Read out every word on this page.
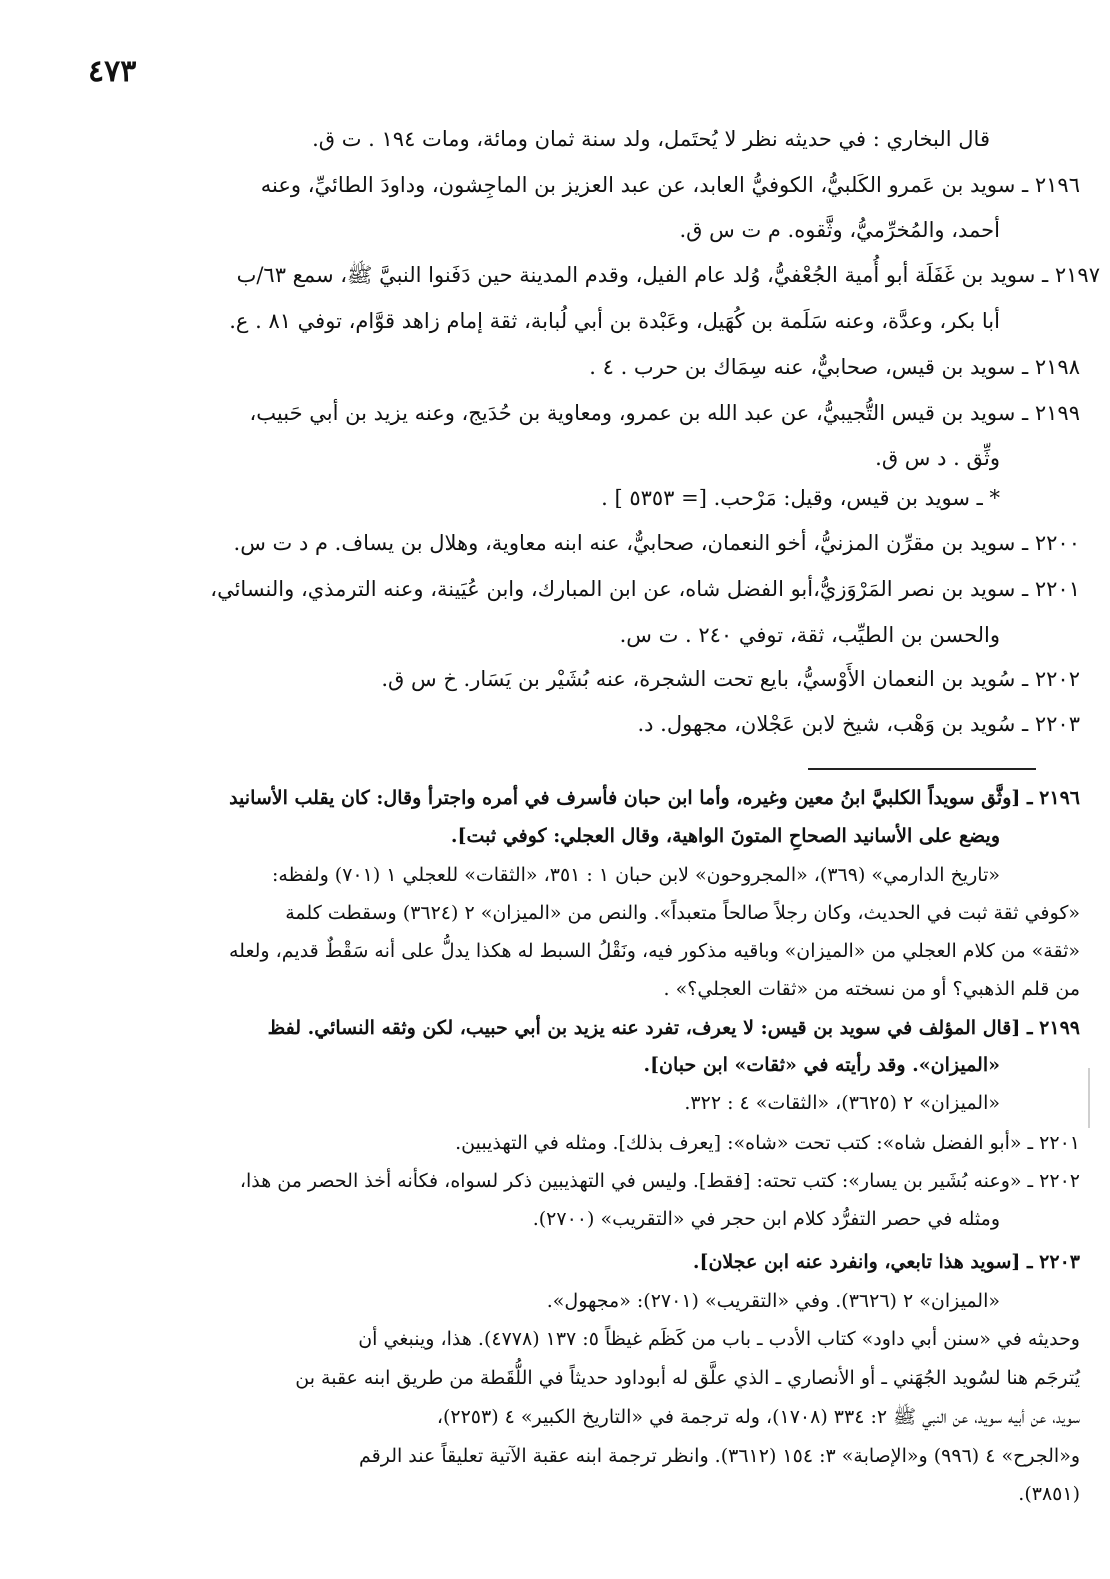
٤٧٣
قال البخاري : في حديثه نظر لا يُحتَمل، ولد سنة ثمان ومائة، ومات ١٩٤ . ت ق.
٢١٩٦ ـ سويد بن عَمرو الكَلبيُّ، الكوفيُّ العابد، عن عبد العزيز بن الماجِشون، وداودَ الطائيِّ، وعنه
أحمد، والمُخرِّميُّ، وثَّقوه. م ت س ق.
٢١٩٧ ـ سويد بن غَفَلَة أبو أُمية الجُعْفيُّ، وُلد عام الفيل، وقدم المدينة حين دَفَنوا النبيَّ ﷺ، سمع ٦٣/ب
أبا بكر، وعدَّة، وعنه سَلَمة بن كُهَيل، وعَبْدة بن أبي لُبابة، ثقة إمام زاهد قوَّام، توفي ٨١ . ع.
٢١٩٨ ـ سويد بن قيس، صحابيٌّ، عنه سِمَاك بن حرب . ٤ .
٢١٩٩ ـ سويد بن قيس التُّجيبيُّ، عن عبد الله بن عمرو، ومعاوية بن حُدَيج، وعنه يزيد بن أبي حَبيب،
وثِّق . د س ق.
* ـ سويد بن قيس، وقيل: مَرْحب. [= ٥٣٥٣ ] .
٢٢٠٠ ـ سويد بن مقرِّن المزنيُّ، أخو النعمان، صحابيٌّ، عنه ابنه معاوية، وهلال بن يساف. م د ت س.
٢٢٠١ ـ سويد بن نصر المَرْوَزيُّ،أبو الفضل شاه، عن ابن المبارك، وابن عُيَينة، وعنه الترمذي، والنسائي،
والحسن بن الطيِّب، ثقة، توفي ٢٤٠ . ت س.
٢٢٠٢ ـ سُويد بن النعمان الأَوْسيُّ، بايع تحت الشجرة، عنه بُشَيْر بن يَسَار. خ س ق.
٢٢٠٣ ـ سُويد بن وَهْب، شيخ لابن عَجْلان، مجهول. د.
٢١٩٦ ـ [وثَّق سويداً الكلبيَّ ابنُ معين وغيره، وأما ابن حبان فأسرف في أمره واجترأ وقال: كان يقلب الأسانيد
ويضع على الأسانيد الصحاحِ المتونَ الواهية، وقال العجلي: كوفي ثبت].
«تاريخ الدارمي» (٣٦٩)، «المجروحون» لابن حبان ١ : ٣٥١، «الثقات» للعجلي ١ (٧٠١) ولفظه:
«كوفي ثقة ثبت في الحديث، وكان رجلاً صالحاً متعبداً». والنص من «الميزان» ٢ (٣٦٢٤) وسقطت كلمة
«ثقة» من كلام العجلي من «الميزان» وباقيه مذكور فيه، ونَقْلُ السبط له هكذا يدلُّ على أنه سَقْطٌ قديم، ولعله
من قلم الذهبي؟ أو من نسخته من «ثقات العجلي؟» .
٢١٩٩ ـ [قال المؤلف في سويد بن قيس: لا يعرف، تفرد عنه يزيد بن أبي حبيب، لكن وثقه النسائي. لفظ
«الميزان». وقد رأيته في «ثقات» ابن حبان].
«الميزان» ٢ (٣٦٢٥)، «الثقات» ٤ : ٣٢٢.
٢٢٠١ ـ «أبو الفضل شاه»: كتب تحت «شاه»: [يعرف بذلك]. ومثله في التهذيبين.
٢٢٠٢ ـ «وعنه بُشَير بن يسار»: كتب تحته: [فقط]. وليس في التهذيبين ذكر لسواه، فكأنه أخذ الحصر من هذا،
ومثله في حصر التفرُّد كلام ابن حجر في «التقريب» (٢٧٠٠).
٢٢٠٣ ـ [سويد هذا تابعي، وانفرد عنه ابن عجلان].
«الميزان» ٢ (٣٦٢٦). وفي «التقريب» (٢٧٠١): «مجهول».
وحديثه في «سنن أبي داود» كتاب الأدب ـ باب من كَظَم غيظاً ٥: ١٣٧ (٤٧٧٨). هذا، وينبغي أن
يُترجَم هنا لسُويد الجُهَني ـ أو الأنصاري ـ الذي علَّق له أبوداود حديثاً في اللُّقَطة من طريق ابنه عقبة بن
سويد، عن أبيه سويد، عن النبي ﷺ ٢: ٣٣٤ (١٧٠٨)، وله ترجمة في «التاريخ الكبير» ٤ (٢٢٥٣)،
و«الجرح» ٤ (٩٩٦) و«الإصابة» ٣: ١٥٤ (٣٦١٢). وانظر ترجمة ابنه عقبة الآتية تعليقاً عند الرقم
(٣٨٥١).
